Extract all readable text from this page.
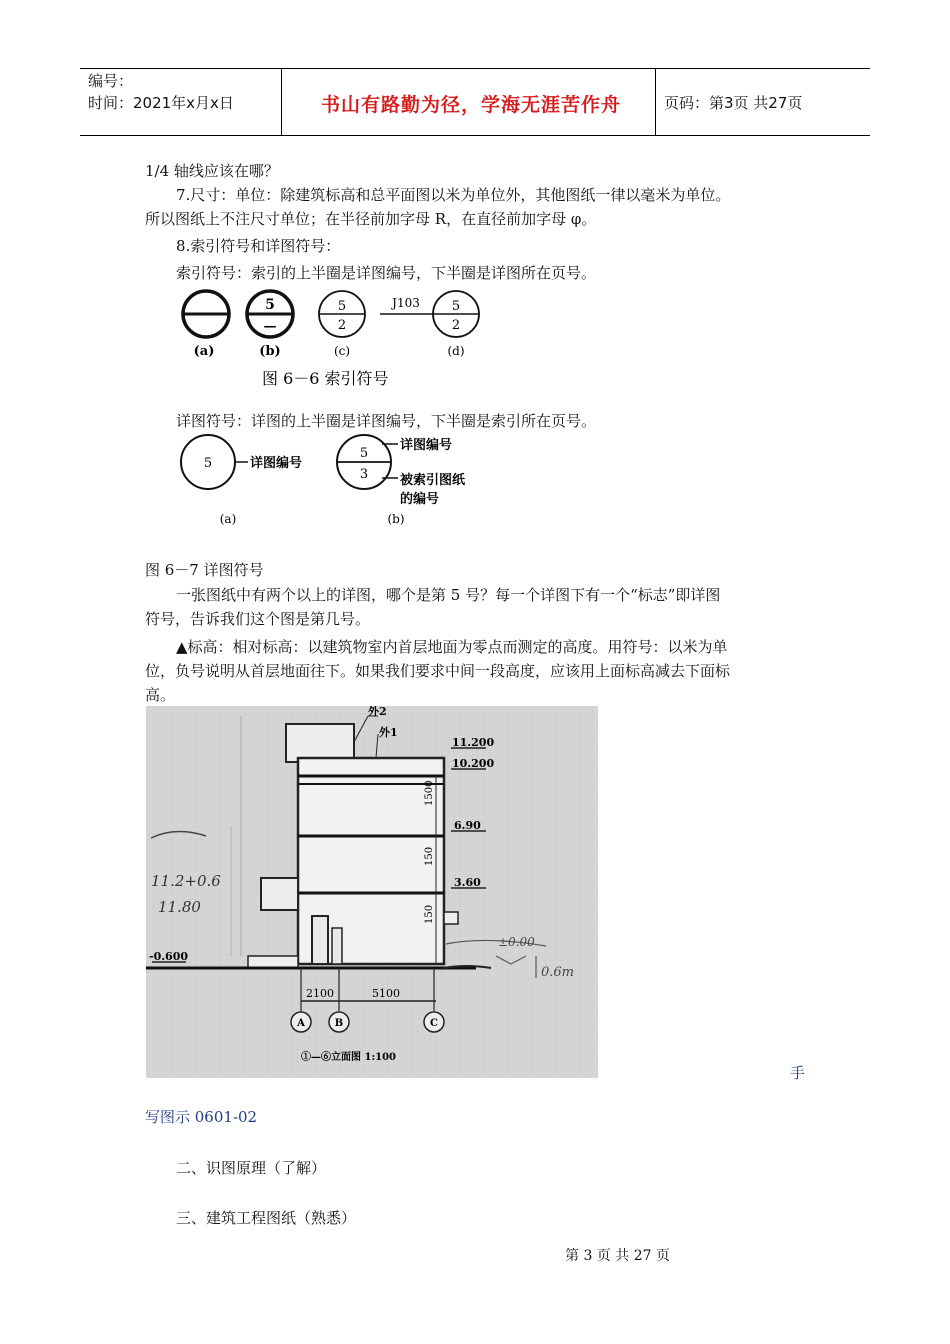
编号：
时间：2021年x月x日	书山有路勤为径，学海无涯苦作舟	页码：第3页 共27页
1/4 轴线应该在哪？
7.尺寸：单位：除建筑标高和总平面图以米为单位外，其他图纸一律以毫米为单位。
所以图纸上不注尺寸单位；在半径前加字母 R，在直径前加字母 φ。
8.索引符号和详图符号：
索引符号：索引的上半圈是详图编号，下半圈是详图所在页号。
5
—
5
2
J103 5
2
(a)	(b)	(c)	(d)
图 6－6 索引符号
详图符号：详图的上半圈是详图编号，下半圈是索引所在页号。
5	详图编号
5
3
详图编号
被索引图纸
的编号
(a)	(b)
图 6－7 详图符号
一张图纸中有两个以上的详图，哪个是第 5 号？每一个详图下有一个“标志”即详图
符号，告诉我们这个图是第几号。
▲标高：相对标高：以建筑物室内首层地面为零点而测定的高度。用符号：以米为单
位，负号说明从首层地面往下。如果我们要求中间一段高度，应该用上面标高减去下面标
高。
外2
外1
11.200
10.200
6.90
3.60
-0.600
1500
150
150
2100	5100
A	B	C
①—⑥立面图 1:100
11.2+0.6
11.80
±0.00
0.6m
手
写图示 0601-02
二、识图原理（了解）
三、建筑工程图纸（熟悉）
第 3 页 共 27 页
